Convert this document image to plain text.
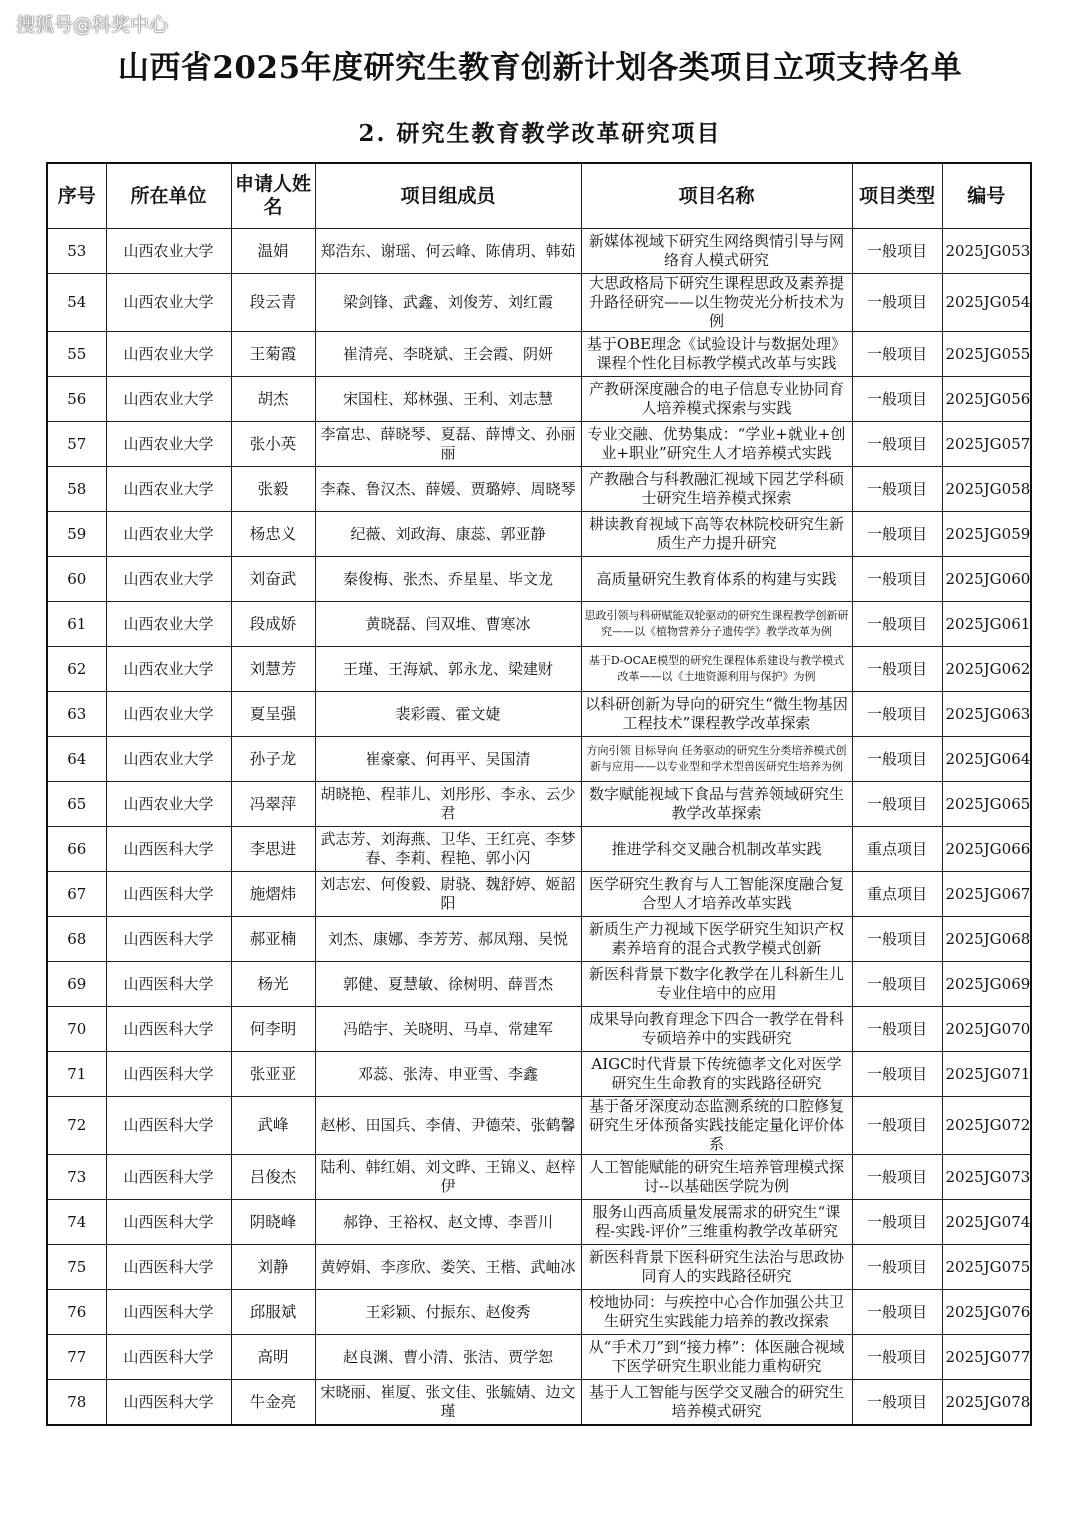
搜狐号@科奖中心
山西省2025年度研究生教育创新计划各类项目立项支持名单
2. 研究生教育教学改革研究项目
序号	所在单位	申请人姓名	项目组成员	项目名称	项目类型	编号
53	山西农业大学	温娟	郑浩东、谢瑶、何云峰、陈倩玥、韩茹	新媒体视域下研究生网络舆情引导与网络育人模式研究	一般项目	2025JG053
54	山西农业大学	段云青	梁剑锋、武鑫、刘俊芳、刘红霞	大思政格局下研究生课程思政及素养提升路径研究——以生物荧光分析技术为例	一般项目	2025JG054
55	山西农业大学	王菊霞	崔清亮、李晓斌、王会霞、阴妍	基于OBE理念《试验设计与数据处理》课程个性化目标教学模式改革与实践	一般项目	2025JG055
56	山西农业大学	胡杰	宋国柱、郑林强、王利、刘志慧	产教研深度融合的电子信息专业协同育人培养模式探索与实践	一般项目	2025JG056
57	山西农业大学	张小英	李富忠、薛晓琴、夏磊、薛博文、孙丽丽	专业交融、优势集成：“学业+就业+创业+职业”研究生人才培养模式实践	一般项目	2025JG057
58	山西农业大学	张毅	李森、鲁汉杰、薛媛、贾璐婷、周晓琴	产教融合与科教融汇视域下园艺学科硕士研究生培养模式探索	一般项目	2025JG058
59	山西农业大学	杨忠义	纪薇、刘政海、康蕊、郭亚静	耕读教育视域下高等农林院校研究生新质生产力提升研究	一般项目	2025JG059
60	山西农业大学	刘奋武	秦俊梅、张杰、乔星星、毕文龙	高质量研究生教育体系的构建与实践	一般项目	2025JG060
61	山西农业大学	段成娇	黄晓磊、闫双堆、曹寒冰	思政引领与科研赋能双轮驱动的研究生课程教学创新研究——以《植物营养分子遗传学》教学改革为例	一般项目	2025JG061
62	山西农业大学	刘慧芳	王瑾、王海斌、郭永龙、梁建财	基于D-OCAE模型的研究生课程体系建设与教学模式改革——以《土地资源利用与保护》为例	一般项目	2025JG062
63	山西农业大学	夏呈强	裴彩霞、霍文婕	以科研创新为导向的研究生“微生物基因工程技术”课程教学改革探索	一般项目	2025JG063
64	山西农业大学	孙子龙	崔豪豪、何再平、吴国清	方向引领 目标导向 任务驱动的研究生分类培养模式创新与应用——以专业型和学术型兽医研究生培养为例	一般项目	2025JG064
65	山西农业大学	冯翠萍	胡晓艳、程菲儿、刘彤彤、李永、云少君	数字赋能视域下食品与营养领域研究生教学改革探索	一般项目	2025JG065
66	山西医科大学	李思进	武志芳、刘海燕、卫华、王红亮、李梦春、李莉、程艳、郭小闪	推进学科交叉融合机制改革实践	重点项目	2025JG066
67	山西医科大学	施熠炜	刘志宏、何俊毅、尉骁、魏舒婷、姬韶阳	医学研究生教育与人工智能深度融合复合型人才培养改革实践	重点项目	2025JG067
68	山西医科大学	郝亚楠	刘杰、康娜、李芳芳、郝凤翔、吴悦	新质生产力视域下医学研究生知识产权素养培育的混合式教学模式创新	一般项目	2025JG068
69	山西医科大学	杨光	郭健、夏慧敏、徐树明、薛晋杰	新医科背景下数字化教学在儿科新生儿专业住培中的应用	一般项目	2025JG069
70	山西医科大学	何李明	冯皓宇、关晓明、马卓、常建军	成果导向教育理念下四合一教学在骨科专硕培养中的实践研究	一般项目	2025JG070
71	山西医科大学	张亚亚	邓蕊、张涛、申亚雪、李鑫	AIGC时代背景下传统德孝文化对医学研究生生命教育的实践路径研究	一般项目	2025JG071
72	山西医科大学	武峰	赵彬、田国兵、李倩、尹德荣、张鹤馨	基于备牙深度动态监测系统的口腔修复研究生牙体预备实践技能定量化评价体系	一般项目	2025JG072
73	山西医科大学	吕俊杰	陆利、韩红娟、刘文晔、王锦义、赵梓伊	人工智能赋能的研究生培养管理模式探讨--以基础医学院为例	一般项目	2025JG073
74	山西医科大学	阴晓峰	郝铮、王裕权、赵文博、李晋川	服务山西高质量发展需求的研究生“课程-实践-评价”三维重构教学改革研究	一般项目	2025JG074
75	山西医科大学	刘静	黄婷娟、李彦欣、娄笑、王楷、武岫冰	新医科背景下医科研究生法治与思政协同育人的实践路径研究	一般项目	2025JG075
76	山西医科大学	邱服斌	王彩颖、付振东、赵俊秀	校地协同：与疾控中心合作加强公共卫生研究生实践能力培养的教改探索	一般项目	2025JG076
77	山西医科大学	高明	赵良渊、曹小清、张洁、贾学恕	从“手术刀”到“接力棒”：体医融合视域下医学研究生职业能力重构研究	一般项目	2025JG077
78	山西医科大学	牛金亮	宋晓丽、崔厦、张文佳、张毓婧、边文瑾	基于人工智能与医学交叉融合的研究生培养模式研究	一般项目	2025JG078
